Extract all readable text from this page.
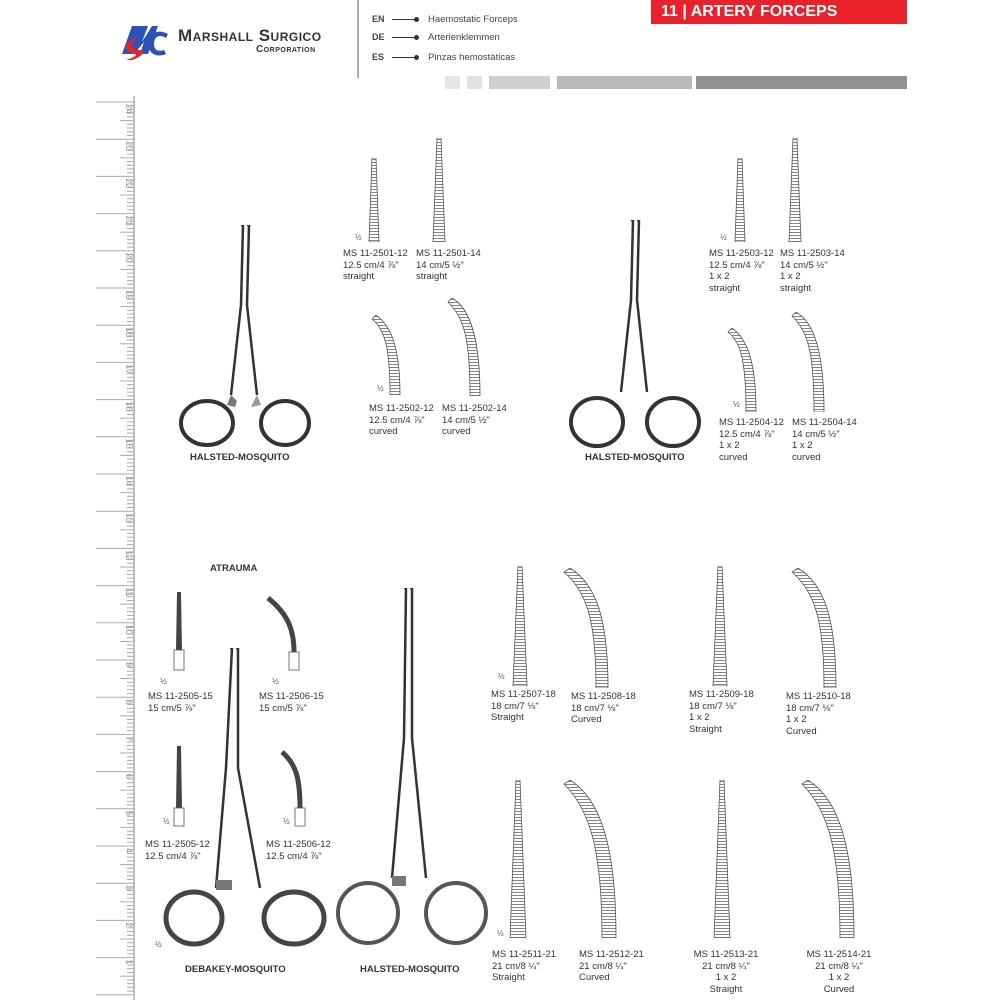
Marshall Surgico
Corporation
EN	Haemostatic Forceps
DE	Arterienklemmen
ES	Pinzas hemostáticas
11 | ARTERY FORCEPS
24
23
22
21
20
19
18
17
16
15
14
13
12
11
10
9
8
7
6
5
4
3
2
1
HALSTED-MOSQUITO	HALSTED-MOSQUITO
½
MS 11-2501-12
12.5 cm/4 ⅞"
straight
MS 11-2501-14
14 cm/5 ½"
straight
½
MS 11-2502-12
12.5 cm/4 ⅞"
curved
MS 11-2502-14
14 cm/5 ½"
curved
½
MS 11-2503-12
12.5 cm/4 ⅞"
1 x 2
straight
MS 11-2503-14
14 cm/5 ½"
1 x 2
straight
½
MS 11-2504-12
12.5 cm/4 ⅞"
1 x 2
curved
MS 11-2504-14
14 cm/5 ½"
1 x 2
curved
ATRAUMA
½
MS 11-2505-15
15 cm/5 ⅞"
½
MS 11-2506-15
15 cm/5 ⅞"
½
MS 11-2505-12
12.5 cm/4 ⅞"
½
MS 11-2506-12
12.5 cm/4 ⅞"
½
DEBAKEY-MOSQUITO	HALSTED-MOSQUITO
½
MS 11-2507-18
18 cm/7 ⅛"
Straight
MS 11-2508-18
18 cm/7 ⅛"
Curved
MS 11-2509-18
18 cm/7 ⅛"
1 x 2
Straight
MS 11-2510-18
18 cm/7 ⅛"
1 x 2
Curved
½
MS 11-2511-21
21 cm/8 ¼"
Straight
MS 11-2512-21
21 cm/8 ¼"
Curved
MS 11-2513-21
21 cm/8 ¼"
1 x 2
Straight
MS 11-2514-21
21 cm/8 ¼"
1 x 2
Curved
